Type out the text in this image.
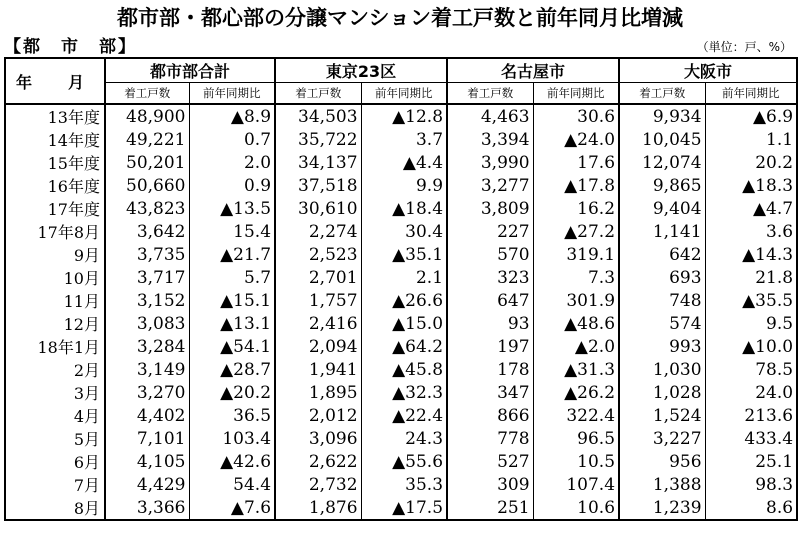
都市部・都心部の分譲マンション着工戸数と前年同月比増減
【都　市　部】	（単位：戸、%）
年　月	都市部合計		東京23区		名古屋市		大阪市	
	着工戸数	前年同期比	着工戸数	前年同期比	着工戸数	前年同期比	着工戸数	前年同期比
13年度	48,900	▲8.9	34,503	▲12.8	4,463	30.6	9,934	▲6.9
14年度	49,221	0.7	35,722	3.7	3,394	▲24.0	10,045	1.1
15年度	50,201	2.0	34,137	▲4.4	3,990	17.6	12,074	20.2
16年度	50,660	0.9	37,518	9.9	3,277	▲17.8	9,865	▲18.3
17年度	43,823	▲13.5	30,610	▲18.4	3,809	16.2	9,404	▲4.7
17年8月	3,642	15.4	2,274	30.4	227	▲27.2	1,141	3.6
9月	3,735	▲21.7	2,523	▲35.1	570	319.1	642	▲14.3
10月	3,717	5.7	2,701	2.1	323	7.3	693	21.8
11月	3,152	▲15.1	1,757	▲26.6	647	301.9	748	▲35.5
12月	3,083	▲13.1	2,416	▲15.0	93	▲48.6	574	9.5
18年1月	3,284	▲54.1	2,094	▲64.2	197	▲2.0	993	▲10.0
2月	3,149	▲28.7	1,941	▲45.8	178	▲31.3	1,030	78.5
3月	3,270	▲20.2	1,895	▲32.3	347	▲26.2	1,028	24.0
4月	4,402	36.5	2,012	▲22.4	866	322.4	1,524	213.6
5月	7,101	103.4	3,096	24.3	778	96.5	3,227	433.4
6月	4,105	▲42.6	2,622	▲55.6	527	10.5	956	25.1
7月	4,429	54.4	2,732	35.3	309	107.4	1,388	98.3
8月	3,366	▲7.6	1,876	▲17.5	251	10.6	1,239	8.6
